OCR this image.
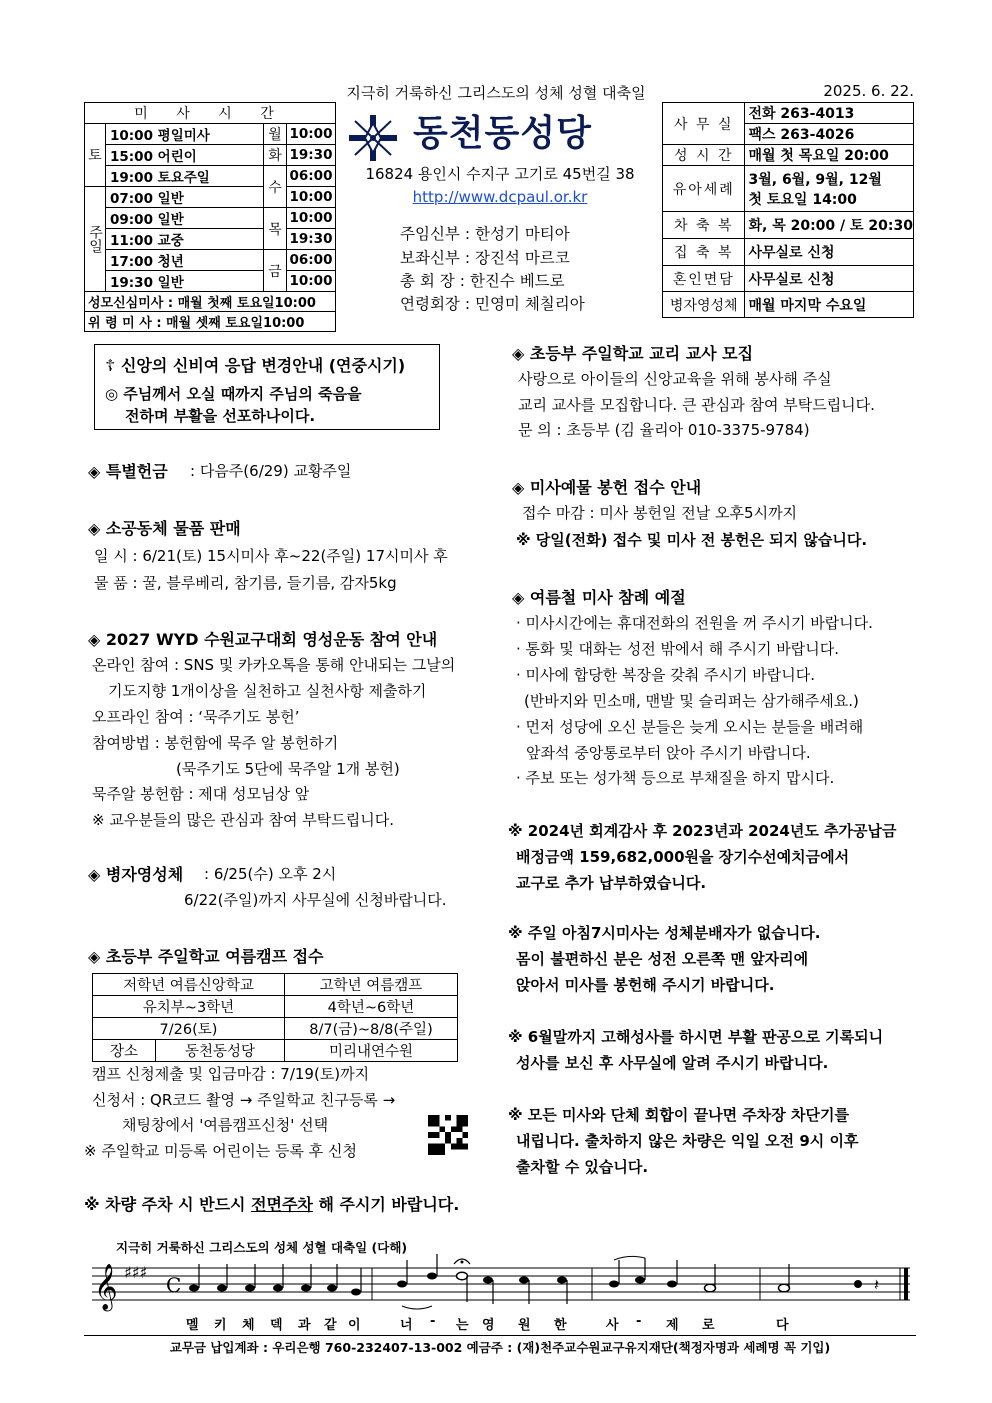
지극히 거룩하신 그리스도의 성체 성혈 대축일	2025. 6. 22.
미 사 시 간			
토	10:00 평일미사	월	10:00
	15:00 어린이	화	19:30
	19:00 토요주일	수	06:00
주일	07:00 일반		10:00
	09:00 일반	목	10:00
	11:00 교중		19:30
	17:00 청년	금	06:00
	19:30 일반		10:00
성모신심미사 : 매월 첫째 토요일10:00			
위 령 미 사 : 매월 셋째 토요일10:00			
동천동성당
16824 용인시 수지구 고기로 45번길 38
http://www.dcpaul.or.kr
주임신부 : 한성기 마티아
보좌신부 : 장진석 마르코
총 회 장 : 한진수 베드로
연령회장 : 민영미 체칠리아
사 무 실	전화 263-4013
	팩스 263-4026
성 시 간	매월 첫 목요일 20:00
유아세례	3월, 6월, 9월, 12월
첫 토요일 14:00

차 축 복	화, 목 20:00 / 토 20:30
집 축 복	사무실로 신청
혼인면담	사무실로 신청
병자영성체	매월 마지막 수요일
☦ 신앙의 신비여 응답 변경안내 (연중시기)
◎ 주님께서 오실 때까지 주님의 죽음을
전하며 부활을 선포하나이다.
◈ 특별헌금 : 다음주(6/29) 교황주일
◈ 소공동체 물품 판매
일 시 : 6/21(토) 15시미사 후~22(주일) 17시미사 후
물 품 : 꿀, 블루베리, 참기름, 들기름, 감자5kg
◈ 2027 WYD 수원교구대회 영성운동 참여 안내
온라인 참여 : SNS 및 카카오톡을 통해 안내되는 그날의
기도지향 1개이상을 실천하고 실천사항 제출하기
오프라인 참여 : ‘묵주기도 봉헌’
참여방법 : 봉헌함에 묵주 알 봉헌하기
(묵주기도 5단에 묵주알 1개 봉헌)
묵주알 봉헌함 : 제대 성모님상 앞
※ 교우분들의 많은 관심과 참여 부탁드립니다.
◈ 병자영성체 : 6/25(수) 오후 2시
6/22(주일)까지 사무실에 신청바랍니다.
◈ 초등부 주일학교 여름캠프 접수
저학년 여름신앙학교		고학년 여름캠프
유치부~3학년		4학년~6학년
7/26(토)		8/7(금)~8/8(주일)
장소	동천동성당	미리내연수원
캠프 신청제출 및 입금마감 : 7/19(토)까지
신청서 : QR코드 촬영 → 주일학교 친구등록 →
채팅창에서 '여름캠프신청' 선택
※ 주일학교 미등록 어린이는 등록 후 신청
※ 차량 주차 시 반드시 전면주차 해 주시기 바랍니다.
◈ 초등부 주일학교 교리 교사 모집
사랑으로 아이들의 신앙교육을 위해 봉사해 주실
교리 교사를 모집합니다. 큰 관심과 참여 부탁드립니다.
문 의 : 초등부 (김 율리아 010-3375-9784)
◈ 미사예물 봉헌 접수 안내
접수 마감 : 미사 봉헌일 전날 오후5시까지
※ 당일(전화) 접수 및 미사 전 봉헌은 되지 않습니다.
◈ 여름철 미사 참례 예절
· 미사시간에는 휴대전화의 전원을 꺼 주시기 바랍니다.
· 통화 및 대화는 성전 밖에서 해 주시기 바랍니다.
· 미사에 합당한 복장을 갖춰 주시기 바랍니다.
(반바지와 민소매, 맨발 및 슬리퍼는 삼가해주세요.)
· 먼저 성당에 오신 분들은 늦게 오시는 분들을 배려해
앞좌석 중앙통로부터 앉아 주시기 바랍니다.
· 주보 또는 성가책 등으로 부채질을 하지 맙시다.
※ 2024년 회계감사 후 2023년과 2024년도 추가공납금
배정금액 159,682,000원을 장기수선예치금에서
교구로 추가 납부하였습니다.
※ 주일 아침7시미사는 성체분배자가 없습니다.
몸이 불편하신 분은 성전 오른쪽 맨 앞자리에
앉아서 미사를 봉헌해 주시기 바랍니다.
※ 6월말까지 고해성사를 하시면 부활 판공으로 기록되니
성사를 보신 후 사무실에 알려 주시기 바랍니다.
※ 모든 미사와 단체 회합이 끝나면 주차장 차단기를
내립니다. 출차하지 않은 차량은 익일 오전 9시 이후
출차할 수 있습니다.
지극히 거룩하신 그리스도의 성체 성혈 대축일 (다해)
𝄞 ♯♯♯
C	𝄽
멜 키 체 덱 과 같 이	너 - 는 영 원 한	사 - 제 로	다
교무금 납입계좌 : 우리은행 760-232407-13-002 예금주 : (재)천주교수원교구유지재단(책정자명과 세례명 꼭 기입)
